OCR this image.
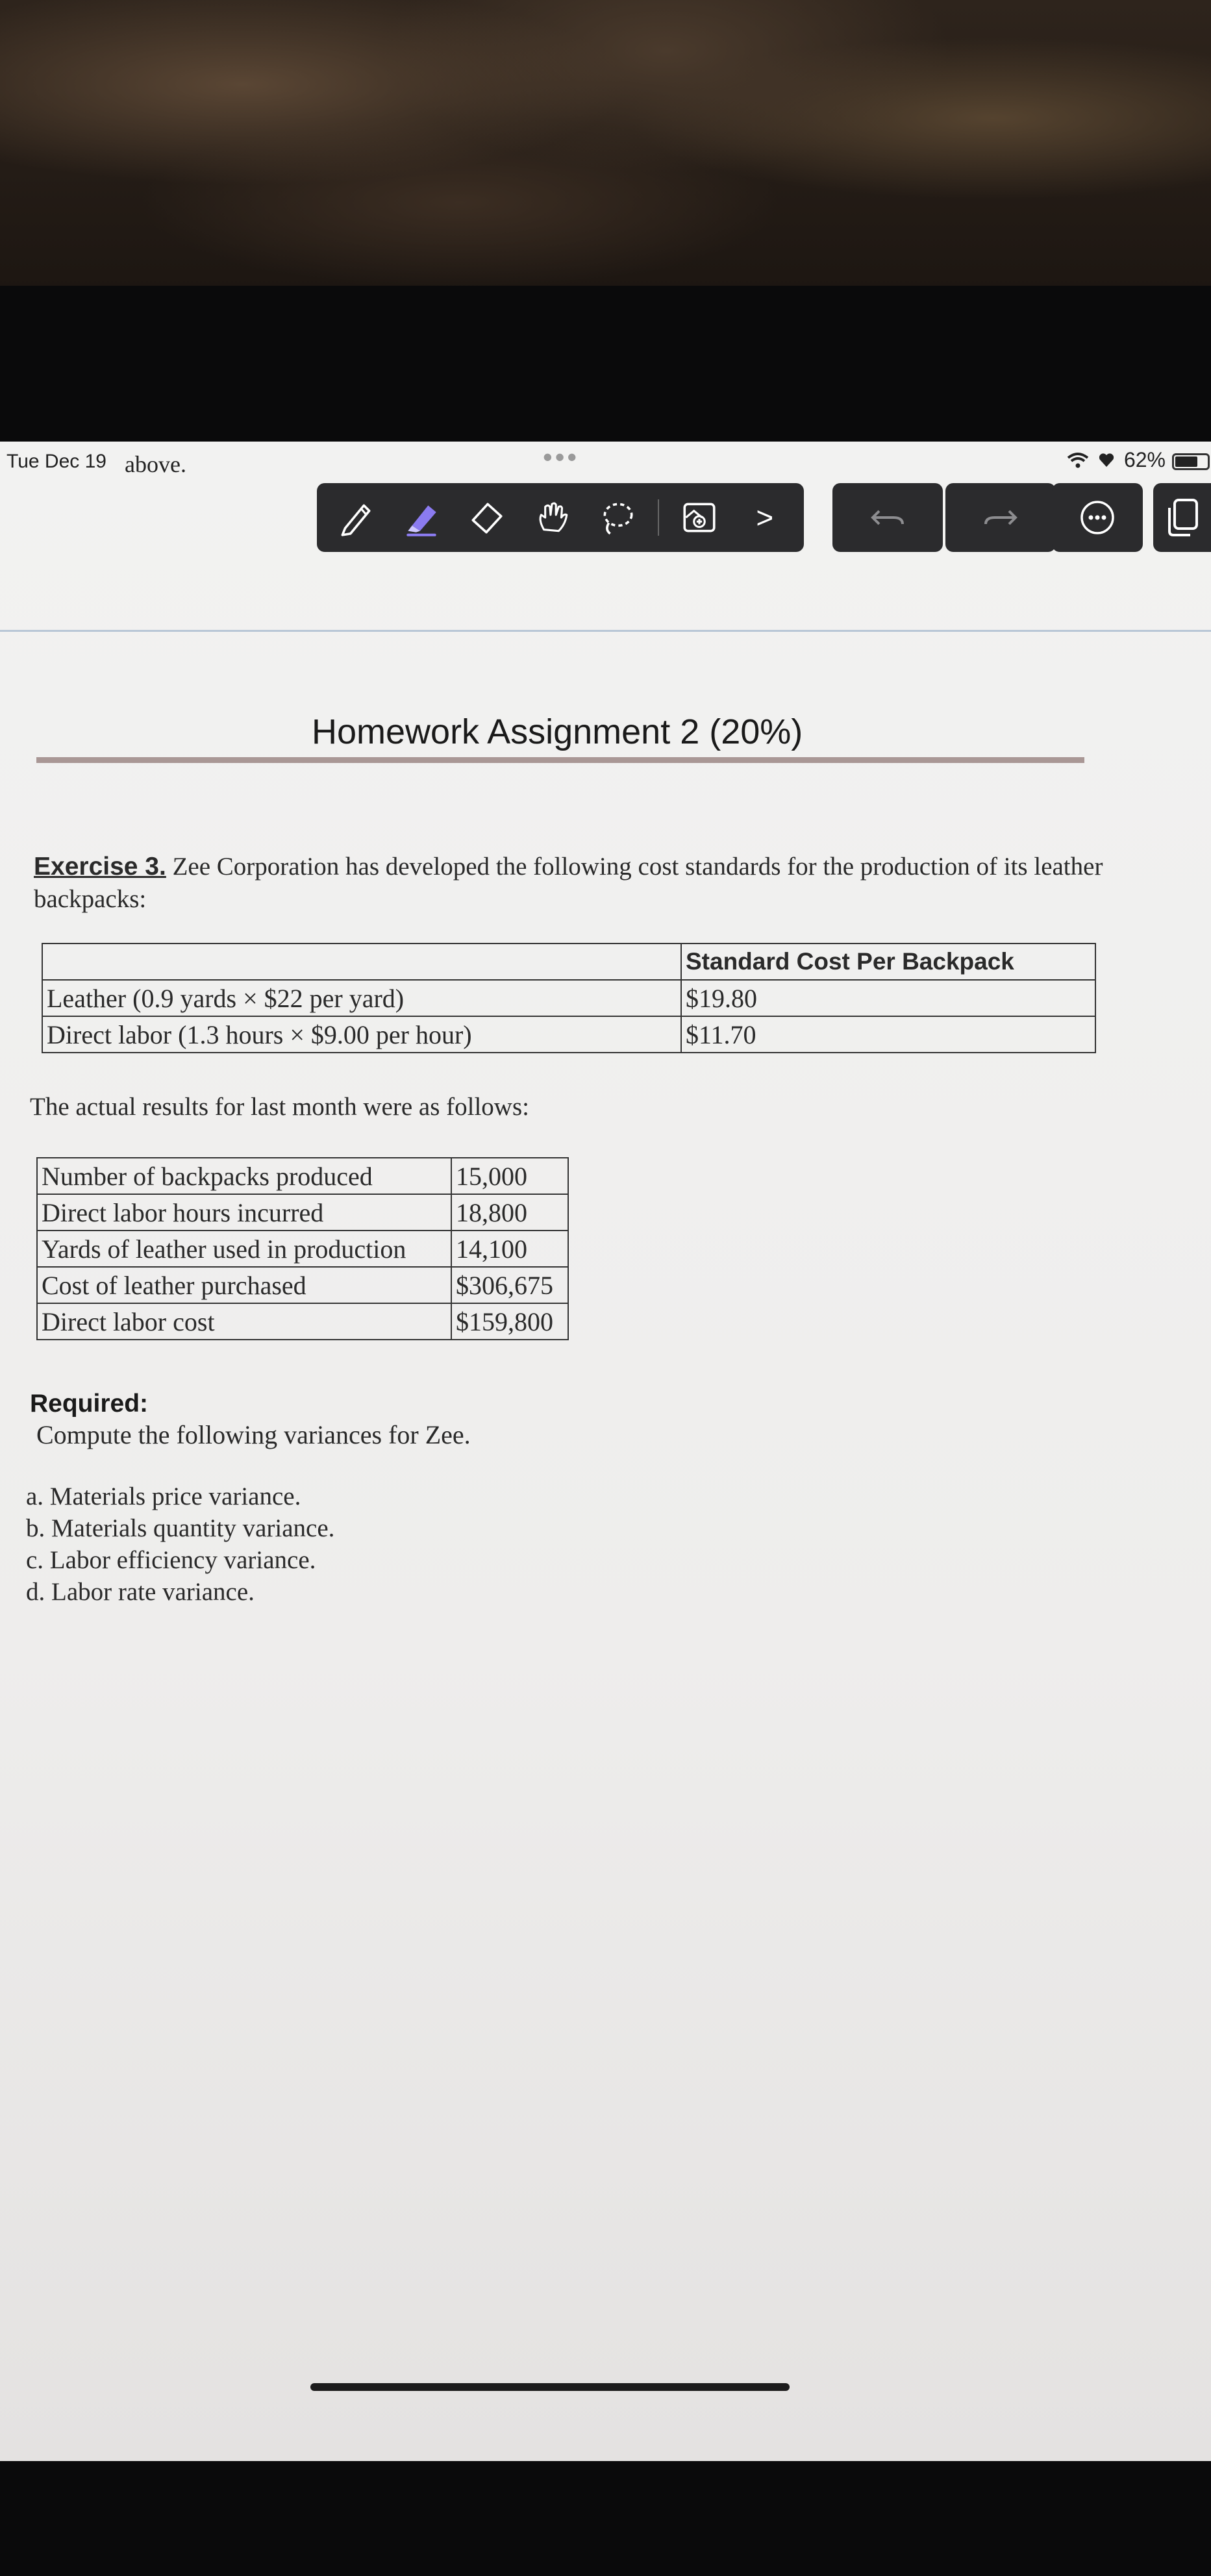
Tue Dec 19 above.	•••	62%
>
Homework Assignment 2 (20%)
Exercise 3. Zee Corporation has developed the following cost standards for the production of its leather backpacks:
	Standard Cost Per Backpack
Leather (0.9 yards × $22 per yard)	$19.80
Direct labor (1.3 hours × $9.00 per hour)	$11.70
The actual results for last month were as follows:
Number of backpacks produced	15,000
Direct labor hours incurred	18,800
Yards of leather used in production	14,100
Cost of leather purchased	$306,675
Direct labor cost	$159,800
Required:
Compute the following variances for Zee.
a. Materials price variance.
b. Materials quantity variance.
c. Labor efficiency variance.
d. Labor rate variance.
